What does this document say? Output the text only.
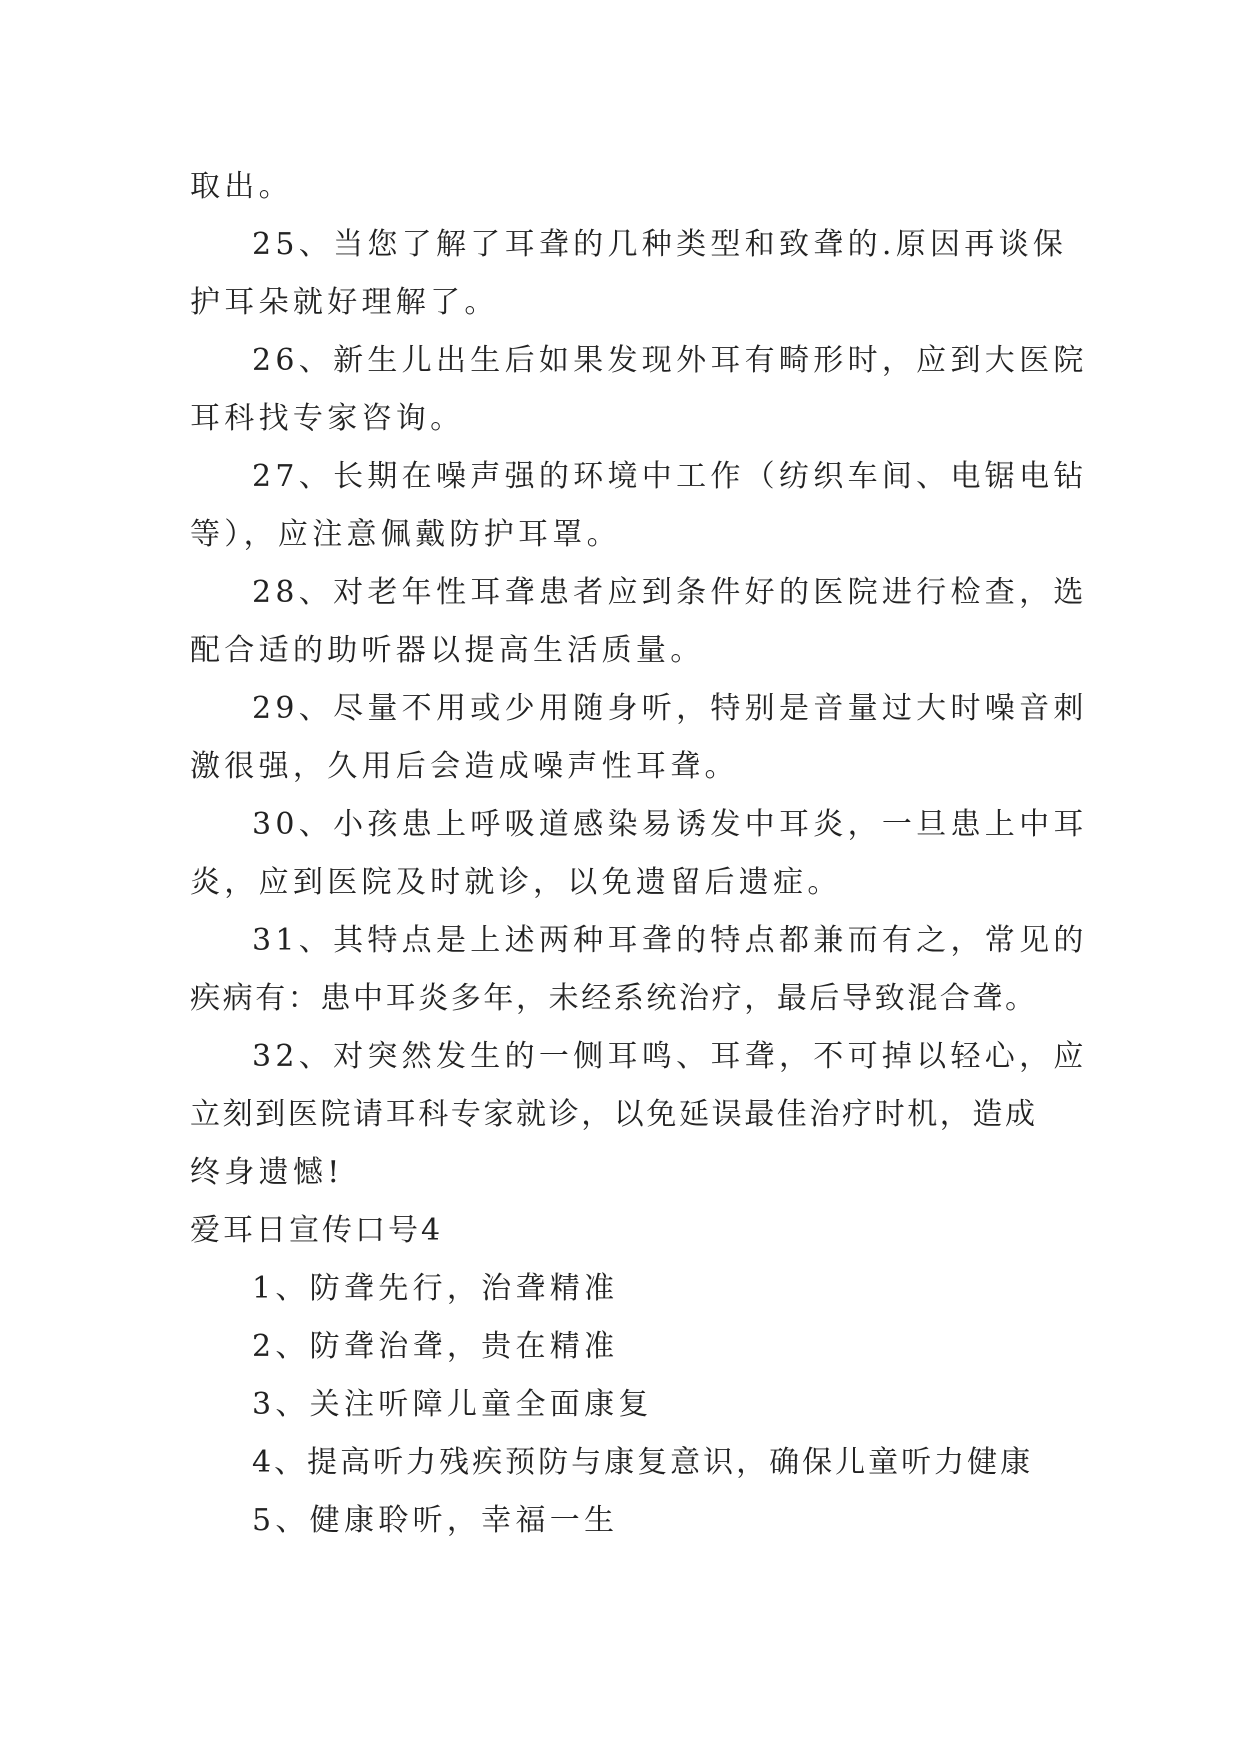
取出。
25、当您了解了耳聋的几种类型和致聋的.原因再谈保
护耳朵就好理解了。
26、新生儿出生后如果发现外耳有畸形时，应到大医院
耳科找专家咨询。
27、长期在噪声强的环境中工作（纺织车间、电锯电钻
等），应注意佩戴防护耳罩。
28、对老年性耳聋患者应到条件好的医院进行检查，选
配合适的助听器以提高生活质量。
29、尽量不用或少用随身听，特别是音量过大时噪音刺
激很强，久用后会造成噪声性耳聋。
30、小孩患上呼吸道感染易诱发中耳炎，一旦患上中耳
炎，应到医院及时就诊，以免遗留后遗症。
31、其特点是上述两种耳聋的特点都兼而有之，常见的
疾病有：患中耳炎多年，未经系统治疗，最后导致混合聋。
32、对突然发生的一侧耳鸣、耳聋，不可掉以轻心，应
立刻到医院请耳科专家就诊，以免延误最佳治疗时机，造成
终身遗憾!
爱耳日宣传口号4
1、防聋先行，治聋精准
2、防聋治聋，贵在精准
3、关注听障儿童全面康复
4、提高听力残疾预防与康复意识，确保儿童听力健康
5、健康聆听，幸福一生
